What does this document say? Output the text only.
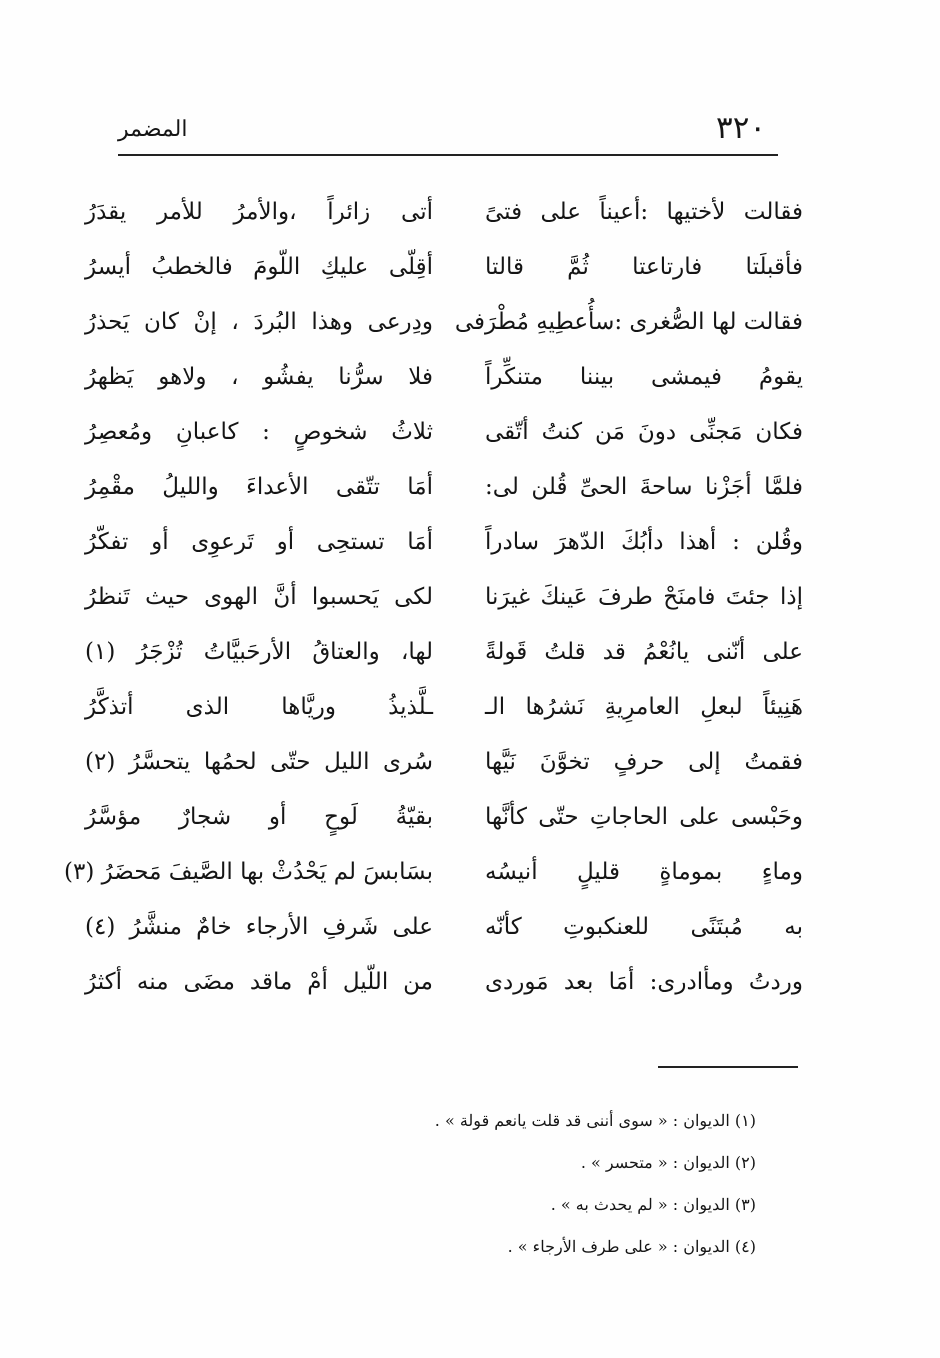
٣٢٠
المضمر
فقالت لأختيها :أعيناً على فتىً
أتى زائراً ،والأمرُ للأمر يقدَرُ
فأقبلَتا فارتاعتا ثُمَّ قالتا
أقِلّى عليكِ اللّومَ فالخطبُ أيسرُ
فقالت لها الصُّغرى :سأُعطِيهِ مُطْرَفى
ودِرعى وهذا البُردَ ، إنْ كان يَحذرُ
يقومُ فيمشى بيننا متنكِّراً
فلا سرُّنا يفشُو ، ولاهو يَظهرُ
فكان مَجنِّى دونَ مَن كنتُ أتّقى
ثلاثُ شخوصٍ : كاعبانِ ومُعصِرُ
فلمَّا أجَزْنا ساحةَ الحىِّ قُلن لى:
أمَا تتّقى الأعداءَ والليلُ مقْمِرُ
وقُلن : أهذا دأبُكَ الدّهرَ سادراً
أمَا تستحِى أو تَرعوِى أو تفكّرُ
إذا جئتَ فامنَحْ طرفَ عَينكَ غيرَنا
لكى يَحسبوا أنَّ الهوى حيث تَنظرُ
على أنّنى يانُعْمُ قد قلتُ قَولةً
لها، والعتاقُ الأرحَبيَّاتُ تُزْجَرُ (١)
هَنِيئاً لبعلِ العامرِيةِ نَشرُها الـ
ـلَّذيذُ وريَّاها الذى أتذكَّرُ
فقمتُ إلى حرفٍ تخوَّنَ نَيَّها
سُرى الليل حتّى لحمُها يتحسَّرُ (٢)
وحَبْسى على الحاجاتِ حتّى كأنَّها
بقيّةُ لَوحٍ أو شجارٌ مؤسَّرُ
وماءٍ بموماةٍ قليلٍ أنيسُه
بسَابسَ لم يَحْدُثْ بها الصَّيفَ مَحضَرُ (٣)
به مُبتَنًى للعنكبوتِ كأنّه
على شَرفِ الأرجاء خامٌ منشَّرُ (٤)
وردتُ ومأادرى: أمَا بعد مَوردى
من اللّيل أمْ ماقد مضَى منه أكثرُ
(١) الديوان : « سوى أننى قد قلت يانعم قولة » .
(٢) الديوان : « متحسر » .
(٣) الديوان : « لم يحدث به » .
(٤) الديوان : « على طرف الأرجاء » .
